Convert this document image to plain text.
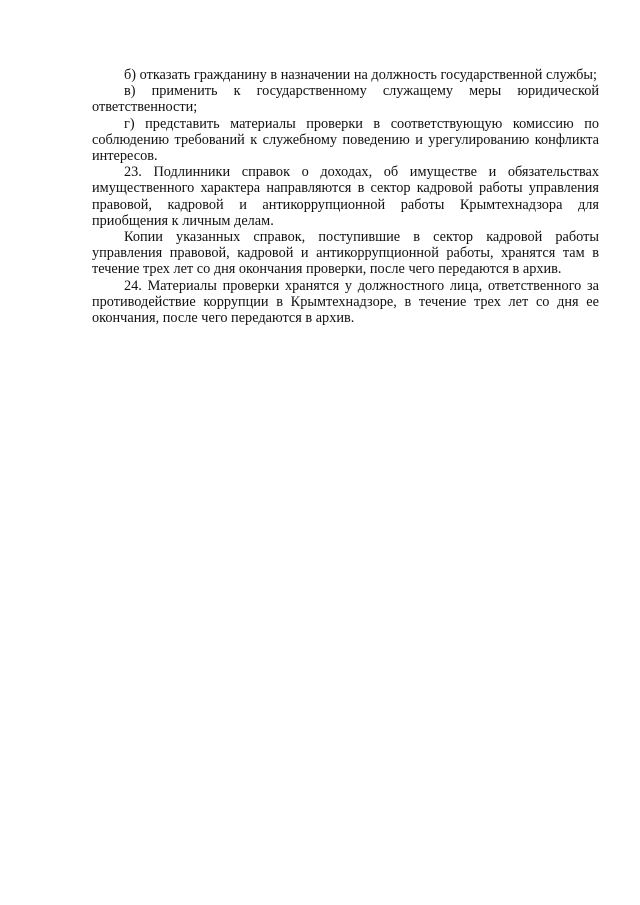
б) отказать гражданину в назначении на должность государственной службы;

в) применить к государственному служащему меры юридической ответственности;

г) представить материалы проверки в соответствующую комиссию по соблюдению требований к служебному поведению и урегулированию конфликта интересов.

23. Подлинники справок о доходах, об имуществе и обязательствах имущественного характера направляются в сектор кадровой работы управления правовой, кадровой и антикоррупционной работы Крымтехнадзора для приобщения к личным делам.

Копии указанных справок, поступившие в сектор кадровой работы управления правовой, кадровой и антикоррупционной работы, хранятся там в течение трех лет со дня окончания проверки, после чего передаются в архив.

24. Материалы проверки хранятся у должностного лица, ответственного за противодействие коррупции в Крымтехнадзоре, в течение трех лет со дня ее окончания, после чего передаются в архив.
